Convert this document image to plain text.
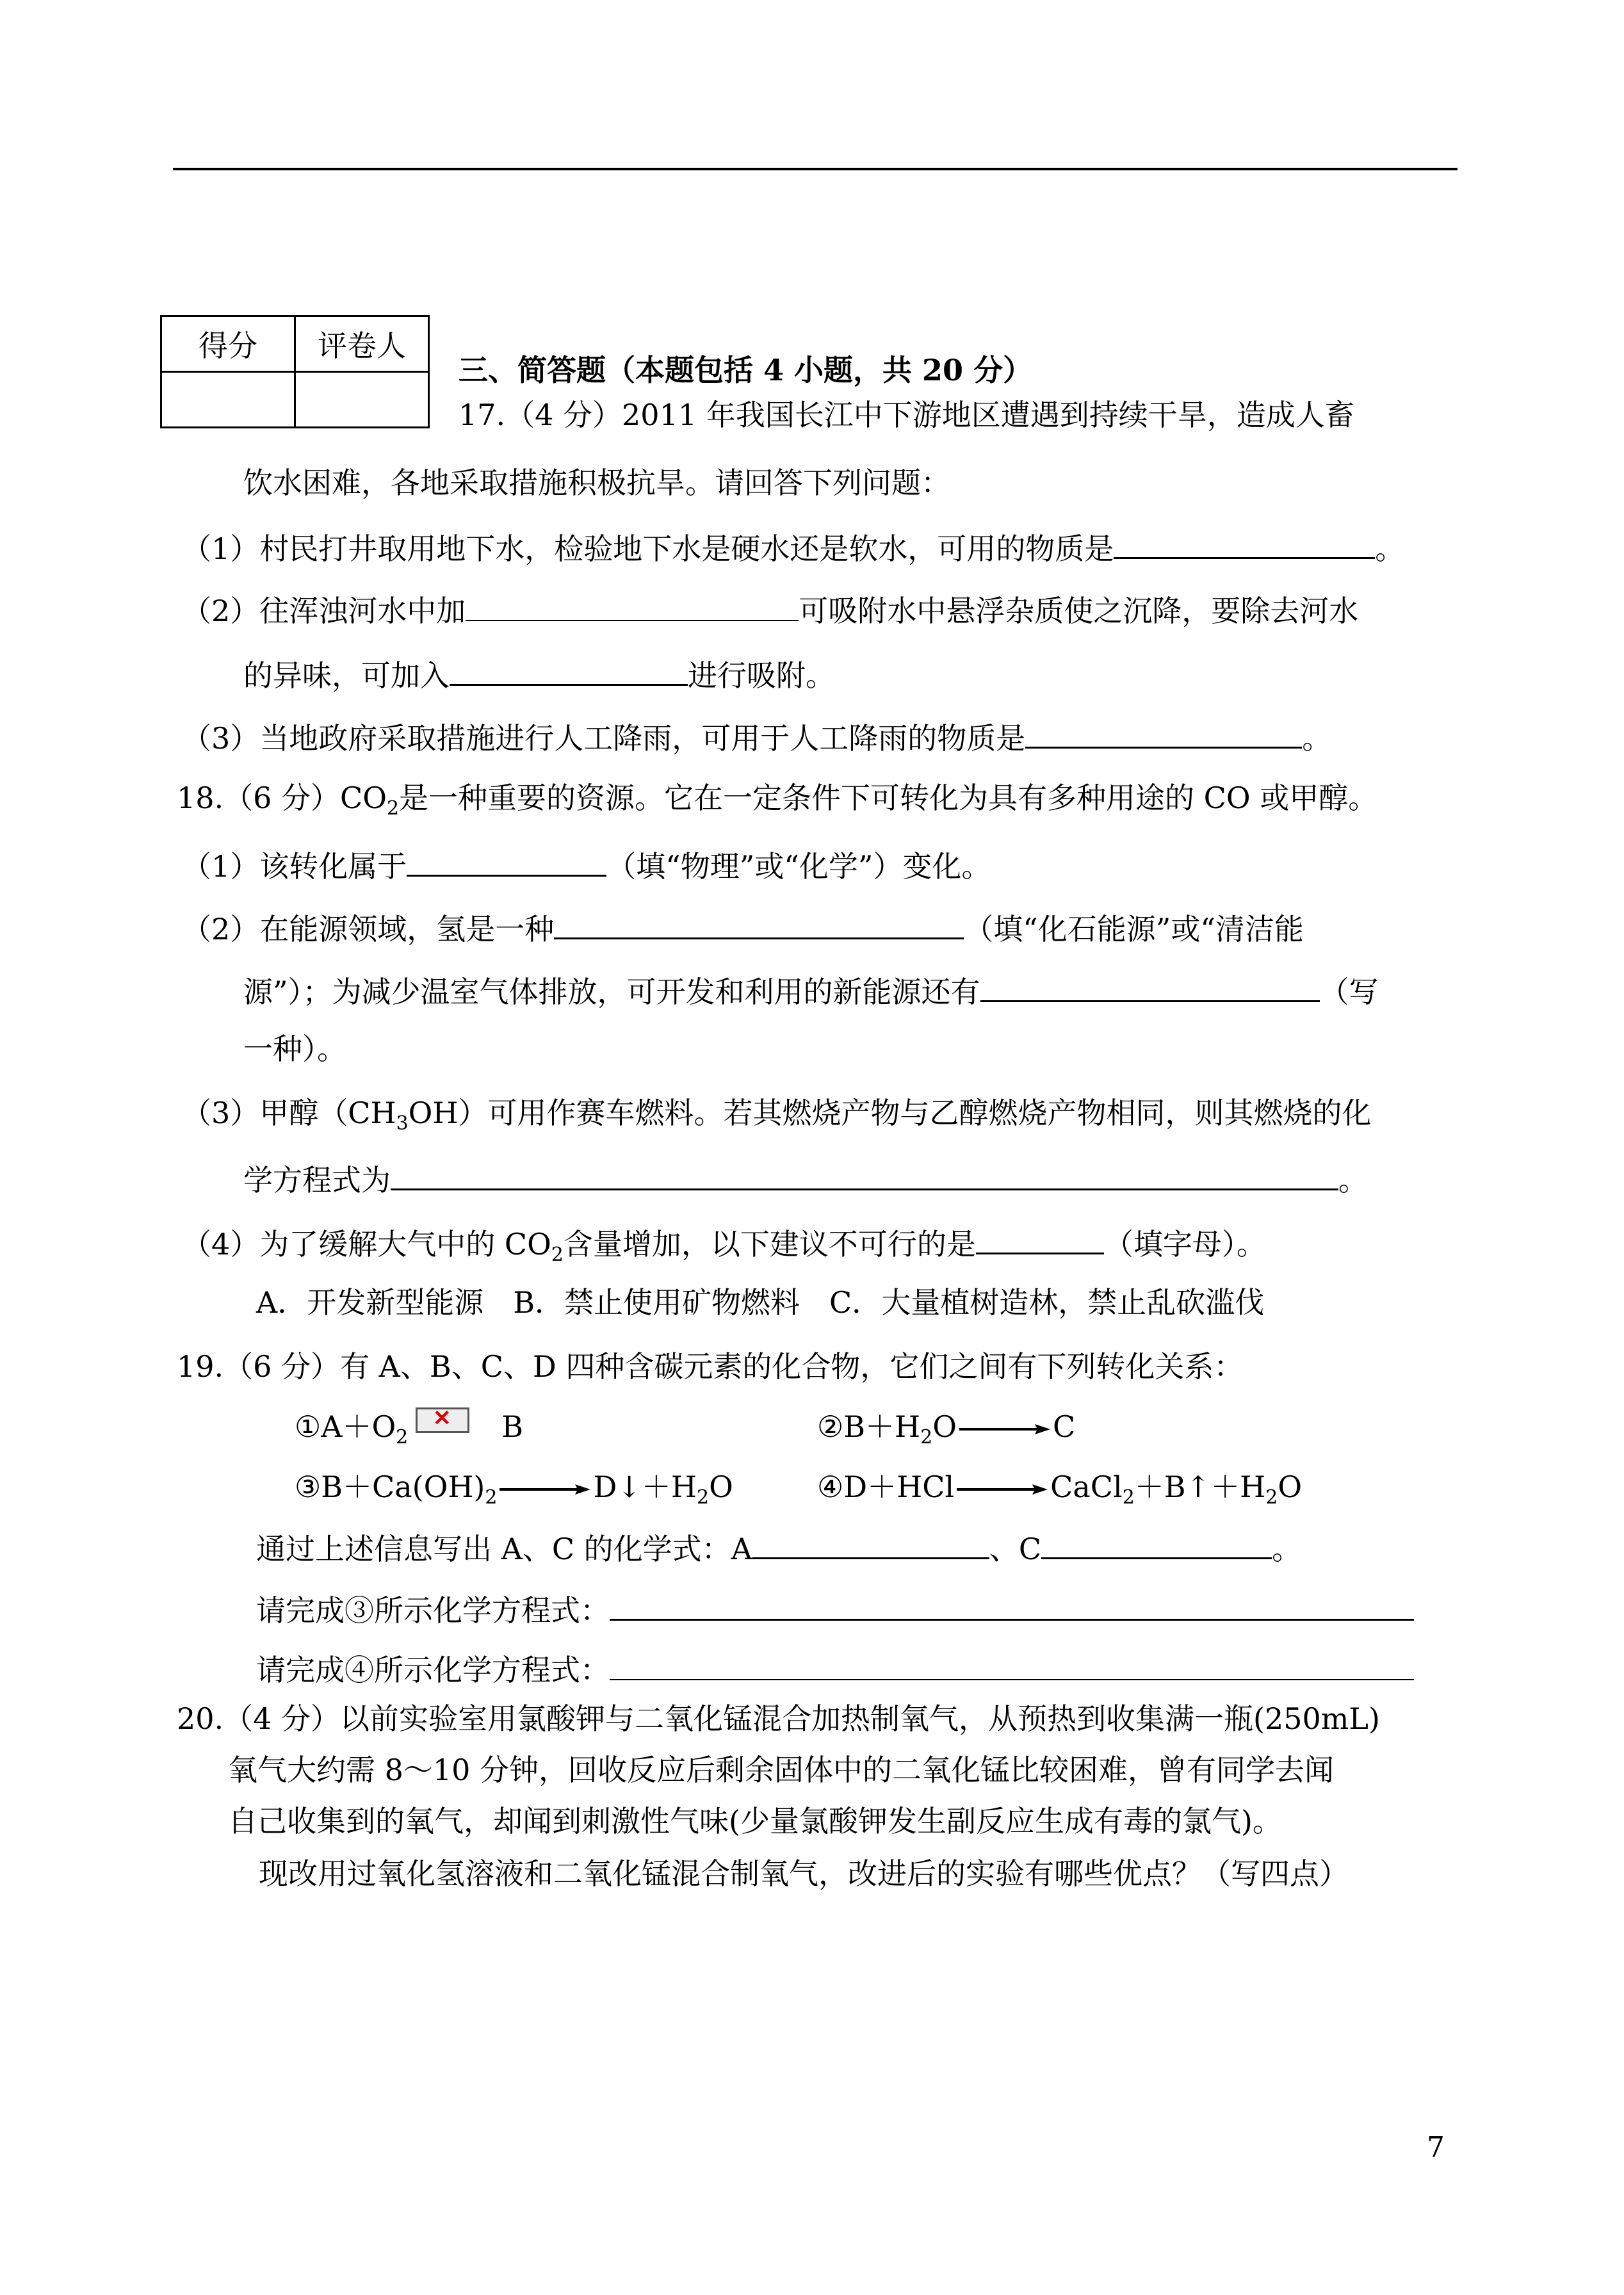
得分	评卷人

三、简答题（本题包括 4 小题，共 20 分）
17.（4 分）2011 年我国长江中下游地区遭遇到持续干旱，造成人畜
饮水困难，各地采取措施积极抗旱。请回答下列问题：
（1）村民打井取用地下水，检验地下水是硬水还是软水，可用的物质是	。
（2）往浑浊河水中加	可吸附水中悬浮杂质使之沉降，要除去河水
的异味，可加入	进行吸附。
（3）当地政府采取措施进行人工降雨，可用于人工降雨的物质是	。
18.（6 分）$CO_2$是一种重要的资源。它在一定条件下可转化为具有多种用途的 CO 或甲醇。
（1）该转化属于	（填“物理”或“化学”）变化。
（2）在能源领域，氢是一种	（填“化石能源”或“清洁能
源”）；为减少温室气体排放，可开发和利用的新能源还有	（写
一种）。
（3）甲醇$(CH_3OH)$可用作赛车燃料。若其燃烧产物与乙醇燃烧产物相同，则其燃烧的化
学方程式为	。
（4）为了缓解大气中的 $CO_2$含量增加，以下建议不可行的是	（填字母）。
A．开发新型能源　B．禁止使用矿物燃料　C．大量植树造林，禁止乱砍滥伐
19.（6 分）有 A、B、C、D 四种含碳元素的化合物，它们之间有下列转化关系：
$①A+O_2$
✕ B	$②B+H_2O$	C
$③B+Ca(OH)_2$	$D↓+H_2O$	④D＋HCl	$CaCl_2+B↑+H_2O$
通过上述信息写出 A、C 的化学式：A	、C	。
请完成③所示化学方程式：
请完成④所示化学方程式：
20.（4 分）以前实验室用氯酸钾与二氧化锰混合加热制氧气，从预热到收集满一瓶(250mL)
氧气大约需 8～10 分钟，回收反应后剩余固体中的二氧化锰比较困难，曾有同学去闻
自己收集到的氧气，却闻到刺激性气味(少量氯酸钾发生副反应生成有毒的氯气)。
现改用过氧化氢溶液和二氧化锰混合制氧气，改进后的实验有哪些优点？（写四点）
7
